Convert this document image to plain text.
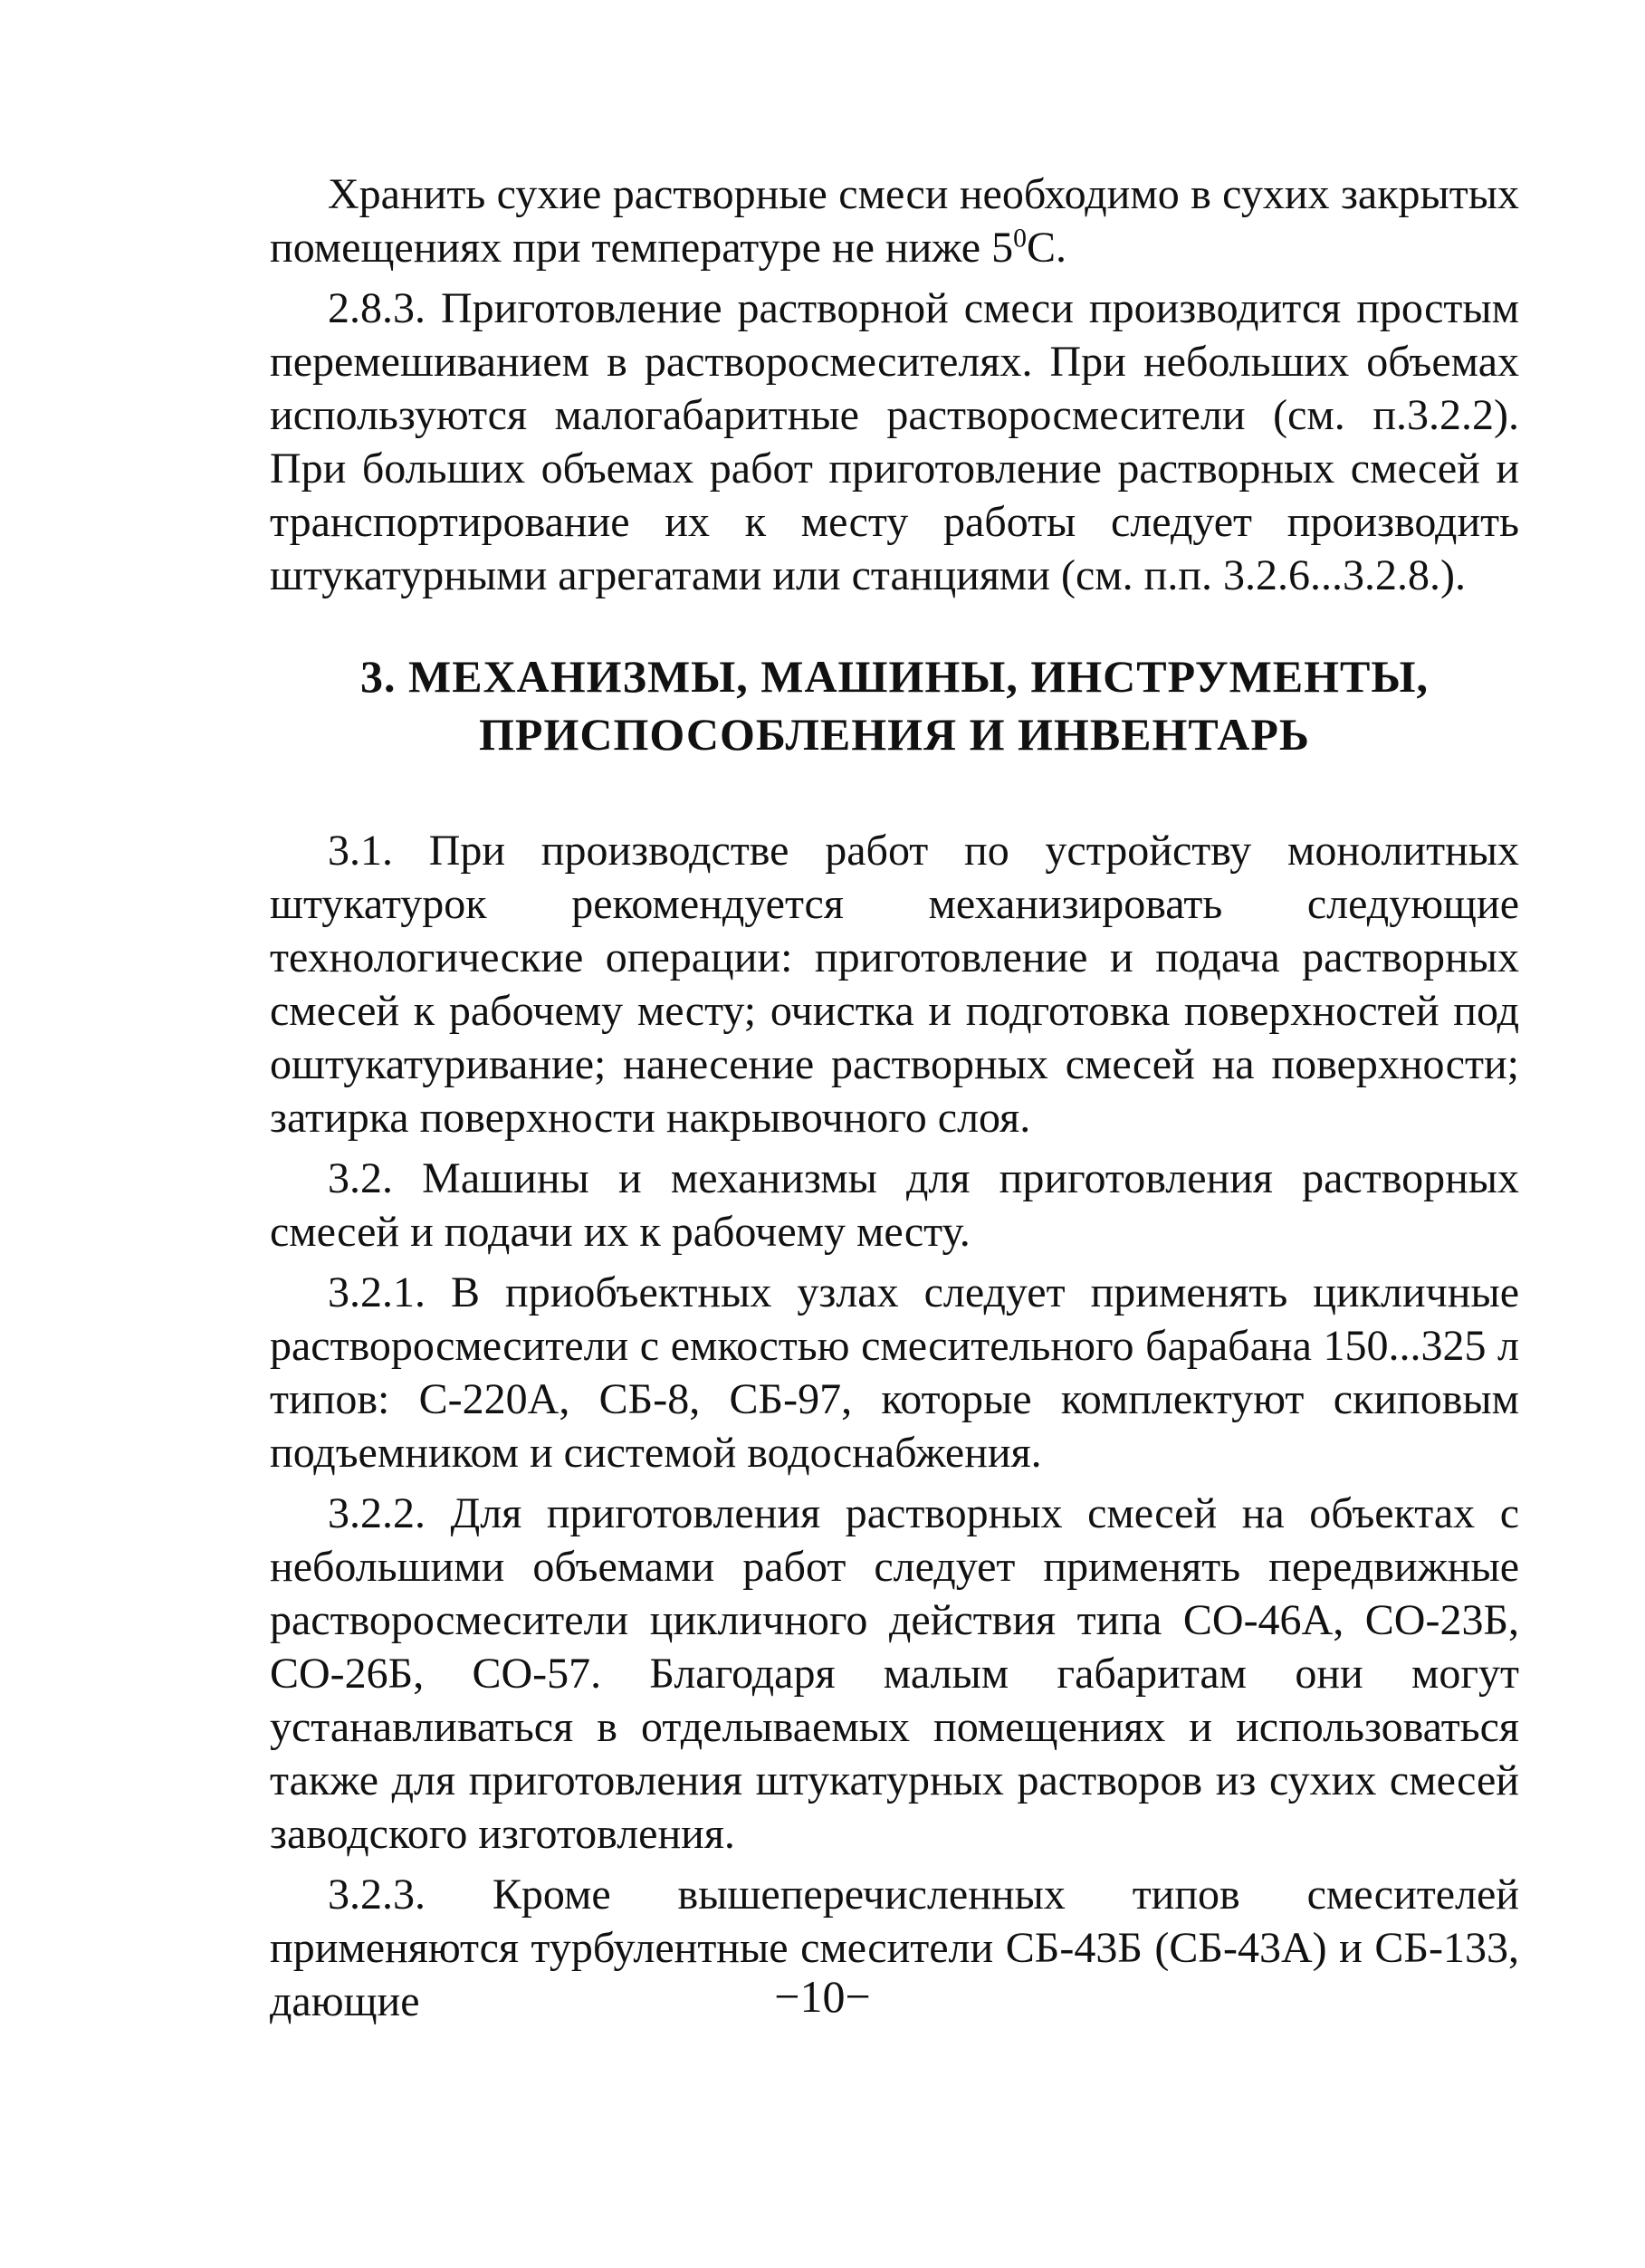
Хранить сухие растворные смеси необходимо в сухих закрытых помещениях при температуре не ниже $5^0С$.

2.8.3. Приготовление растворной смеси производится простым перемешиванием в растворосмесителях. При небольших объемах используются малогабаритные растворосмесители (см. п.3.2.2). При больших объемах работ приготовление растворных смесей и транспортирование их к месту работы следует производить штукатурными агрегатами или станциями (см. п.п. 3.2.6...3.2.8.).

3. МЕХАНИЗМЫ, МАШИНЫ, ИНСТРУМЕНТЫ,
ПРИСПОСОБЛЕНИЯ И ИНВЕНТАРЬ

3.1. При производстве работ по устройству монолитных штукатурок рекомендуется механизировать следующие технологические операции: приготовление и подача растворных смесей к рабочему месту; очистка и подготовка поверхностей под оштукатуривание; нанесение растворных смесей на поверхности; затирка поверхности накрывочного слоя.

3.2. Машины и механизмы для приготовления растворных смесей и подачи их к рабочему месту.

3.2.1. В приобъектных узлах следует применять цикличные растворосмесители с емкостью смесительного барабана 150...325 л типов: С-220А, СБ-8, СБ-97, которые комплектуют скиповым подъемником и системой водоснабжения.

3.2.2. Для приготовления растворных смесей на объектах с небольшими объемами работ следует применять передвижные растворосмесители цикличного действия типа СО-46А, СО-23Б, СО-26Б, СО-57. Благодаря малым габаритам они могут устанавливаться в отделываемых помещениях и использоваться также для приготовления штукатурных растворов из сухих смесей заводского изготовления.

3.2.3. Кроме вышеперечисленных типов смесителей применяются турбулентные смесители СБ-43Б (СБ-43А) и СБ-133, дающие	−10−
